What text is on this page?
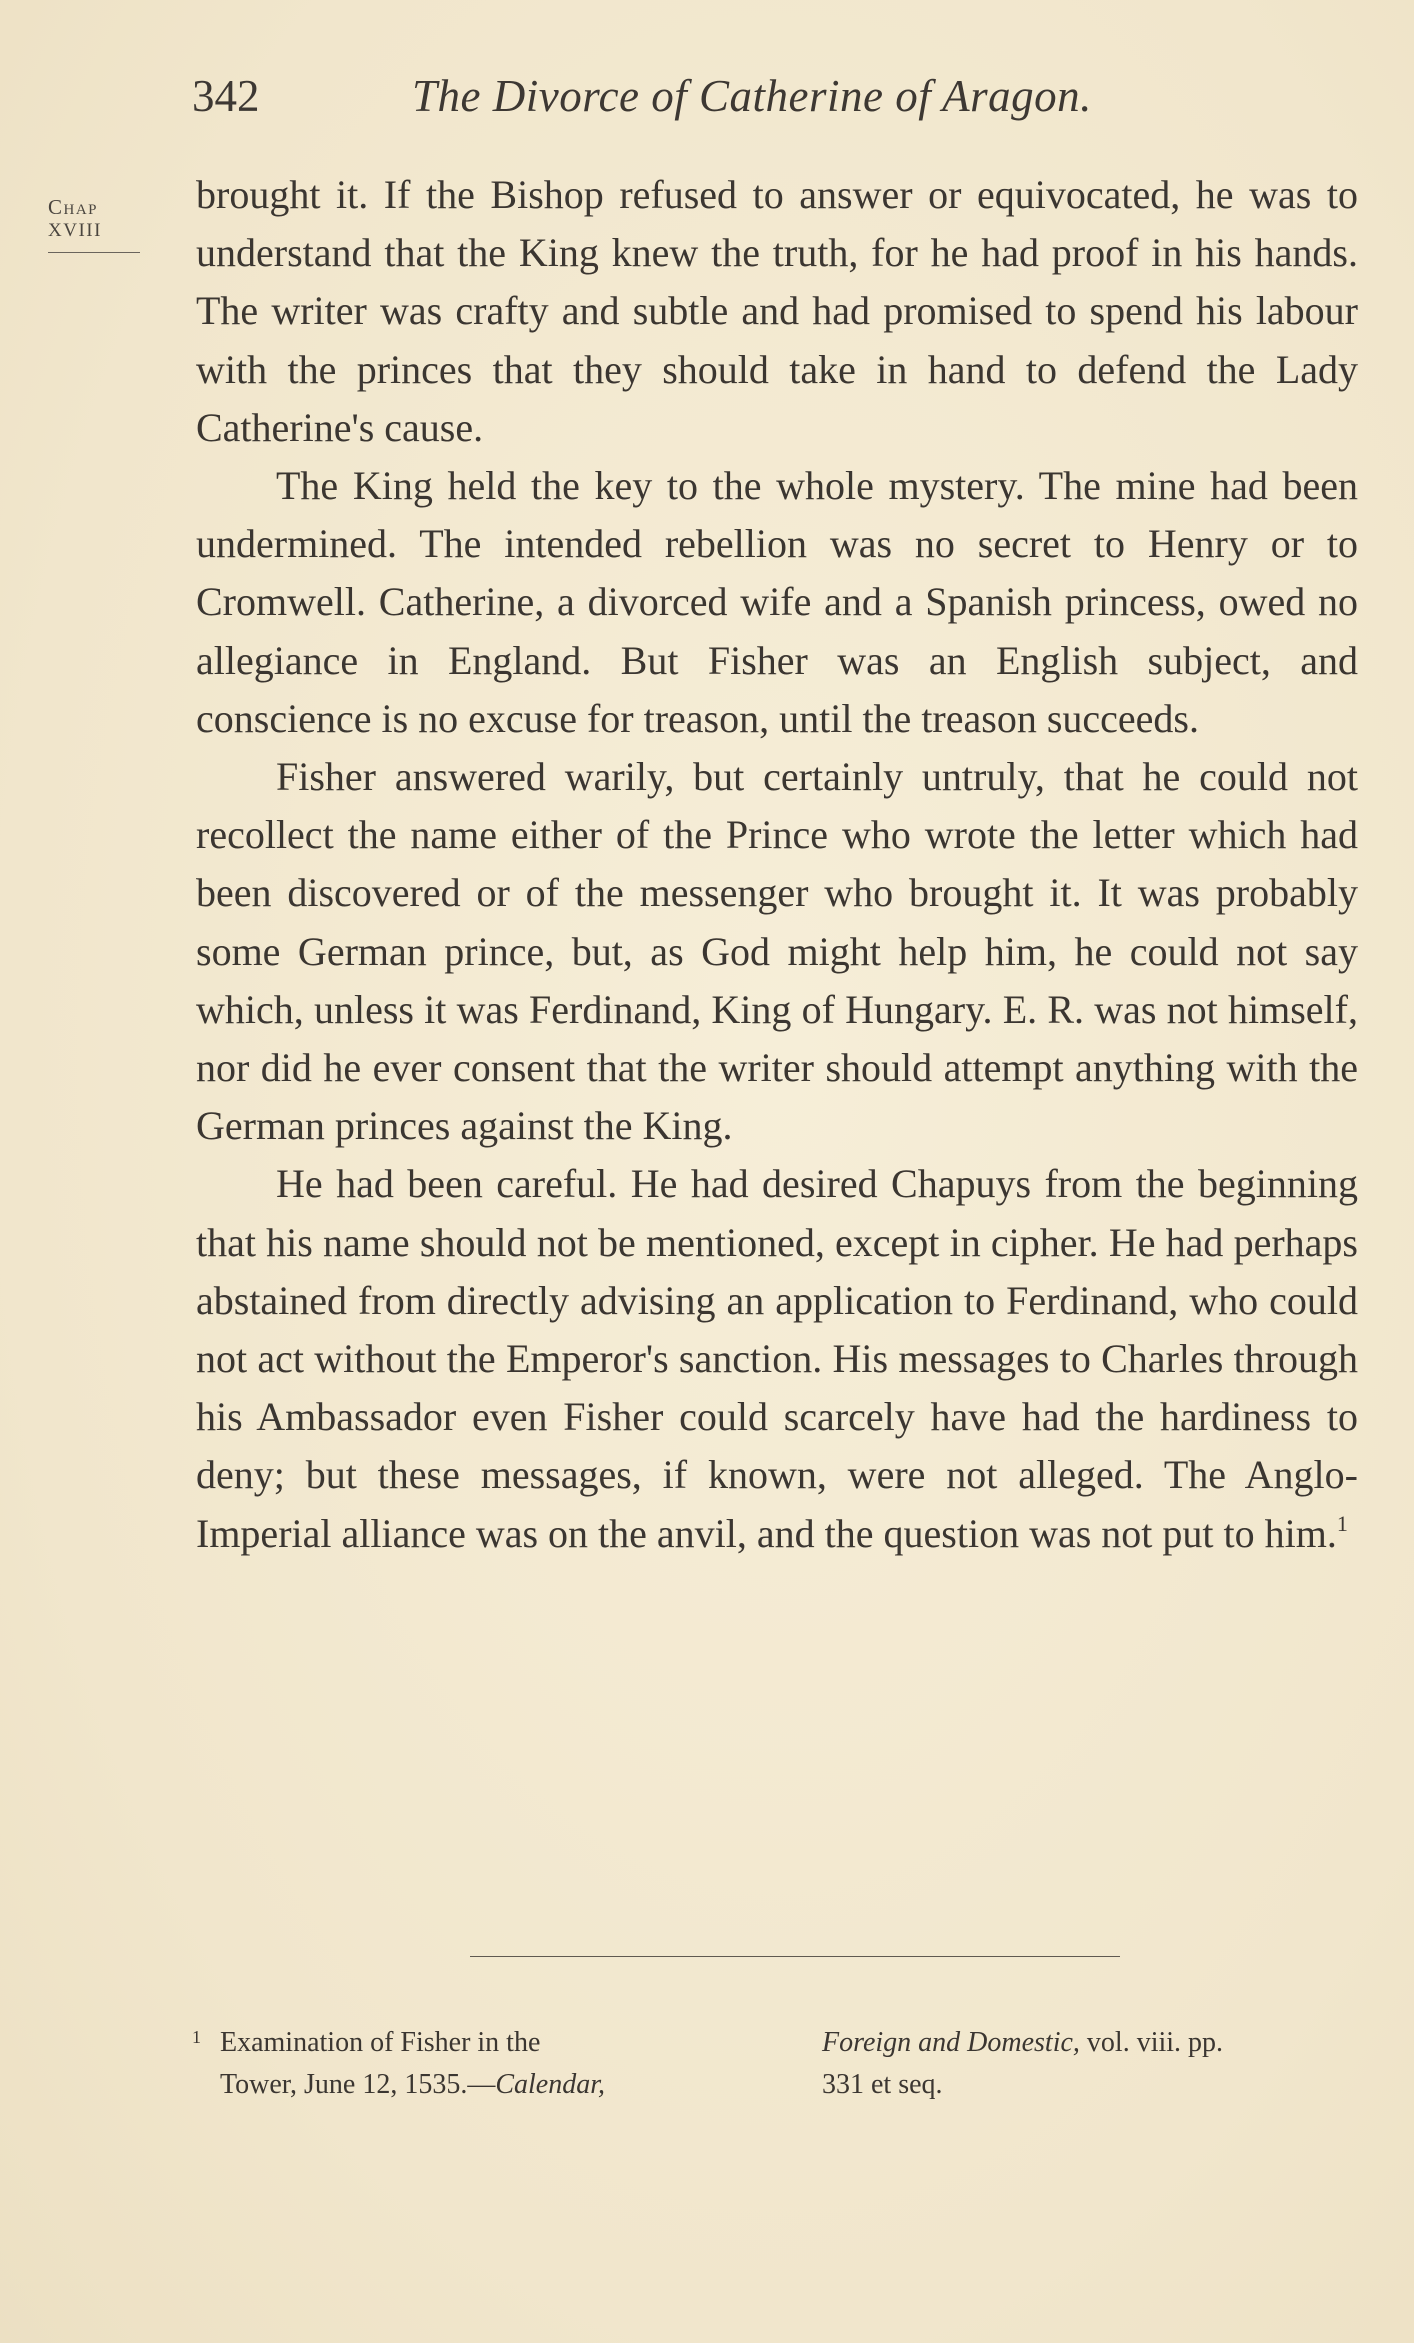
342	The Divorce of Catherine of Aragon.
Chap
XVIII

brought it. If the Bishop refused to answer or equivocated, he was to understand that the King knew the truth, for he had proof in his hands. The writer was crafty and subtle and had promised to spend his labour with the princes that they should take in hand to defend the Lady Catherine's cause.

The King held the key to the whole mystery. The mine had been undermined. The intended rebellion was no secret to Henry or to Cromwell. Catherine, a divorced wife and a Spanish princess, owed no allegiance in England. But Fisher was an English subject, and conscience is no excuse for treason, until the treason succeeds.

Fisher answered warily, but certainly untruly, that he could not recollect the name either of the Prince who wrote the letter which had been discovered or of the messenger who brought it. It was probably some German prince, but, as God might help him, he could not say which, unless it was Ferdinand, King of Hungary. E. R. was not himself, nor did he ever consent that the writer should attempt anything with the German princes against the King.

He had been careful. He had desired Chapuys from the beginning that his name should not be mentioned, except in cipher. He had perhaps abstained from directly advising an application to Ferdinand, who could not act without the Emperor's sanction. His messages to Charles through his Ambassador even Fisher could scarcely have had the hardiness to deny; but these messages, if known, were not alleged. The Anglo-Imperial alliance was on the anvil, and the question was not put to him.$^1$

1 Examination of Fisher in the
Tower, June 12, 1535.—Calendar,
Foreign and Domestic, vol. viii. pp.
331 et seq.
